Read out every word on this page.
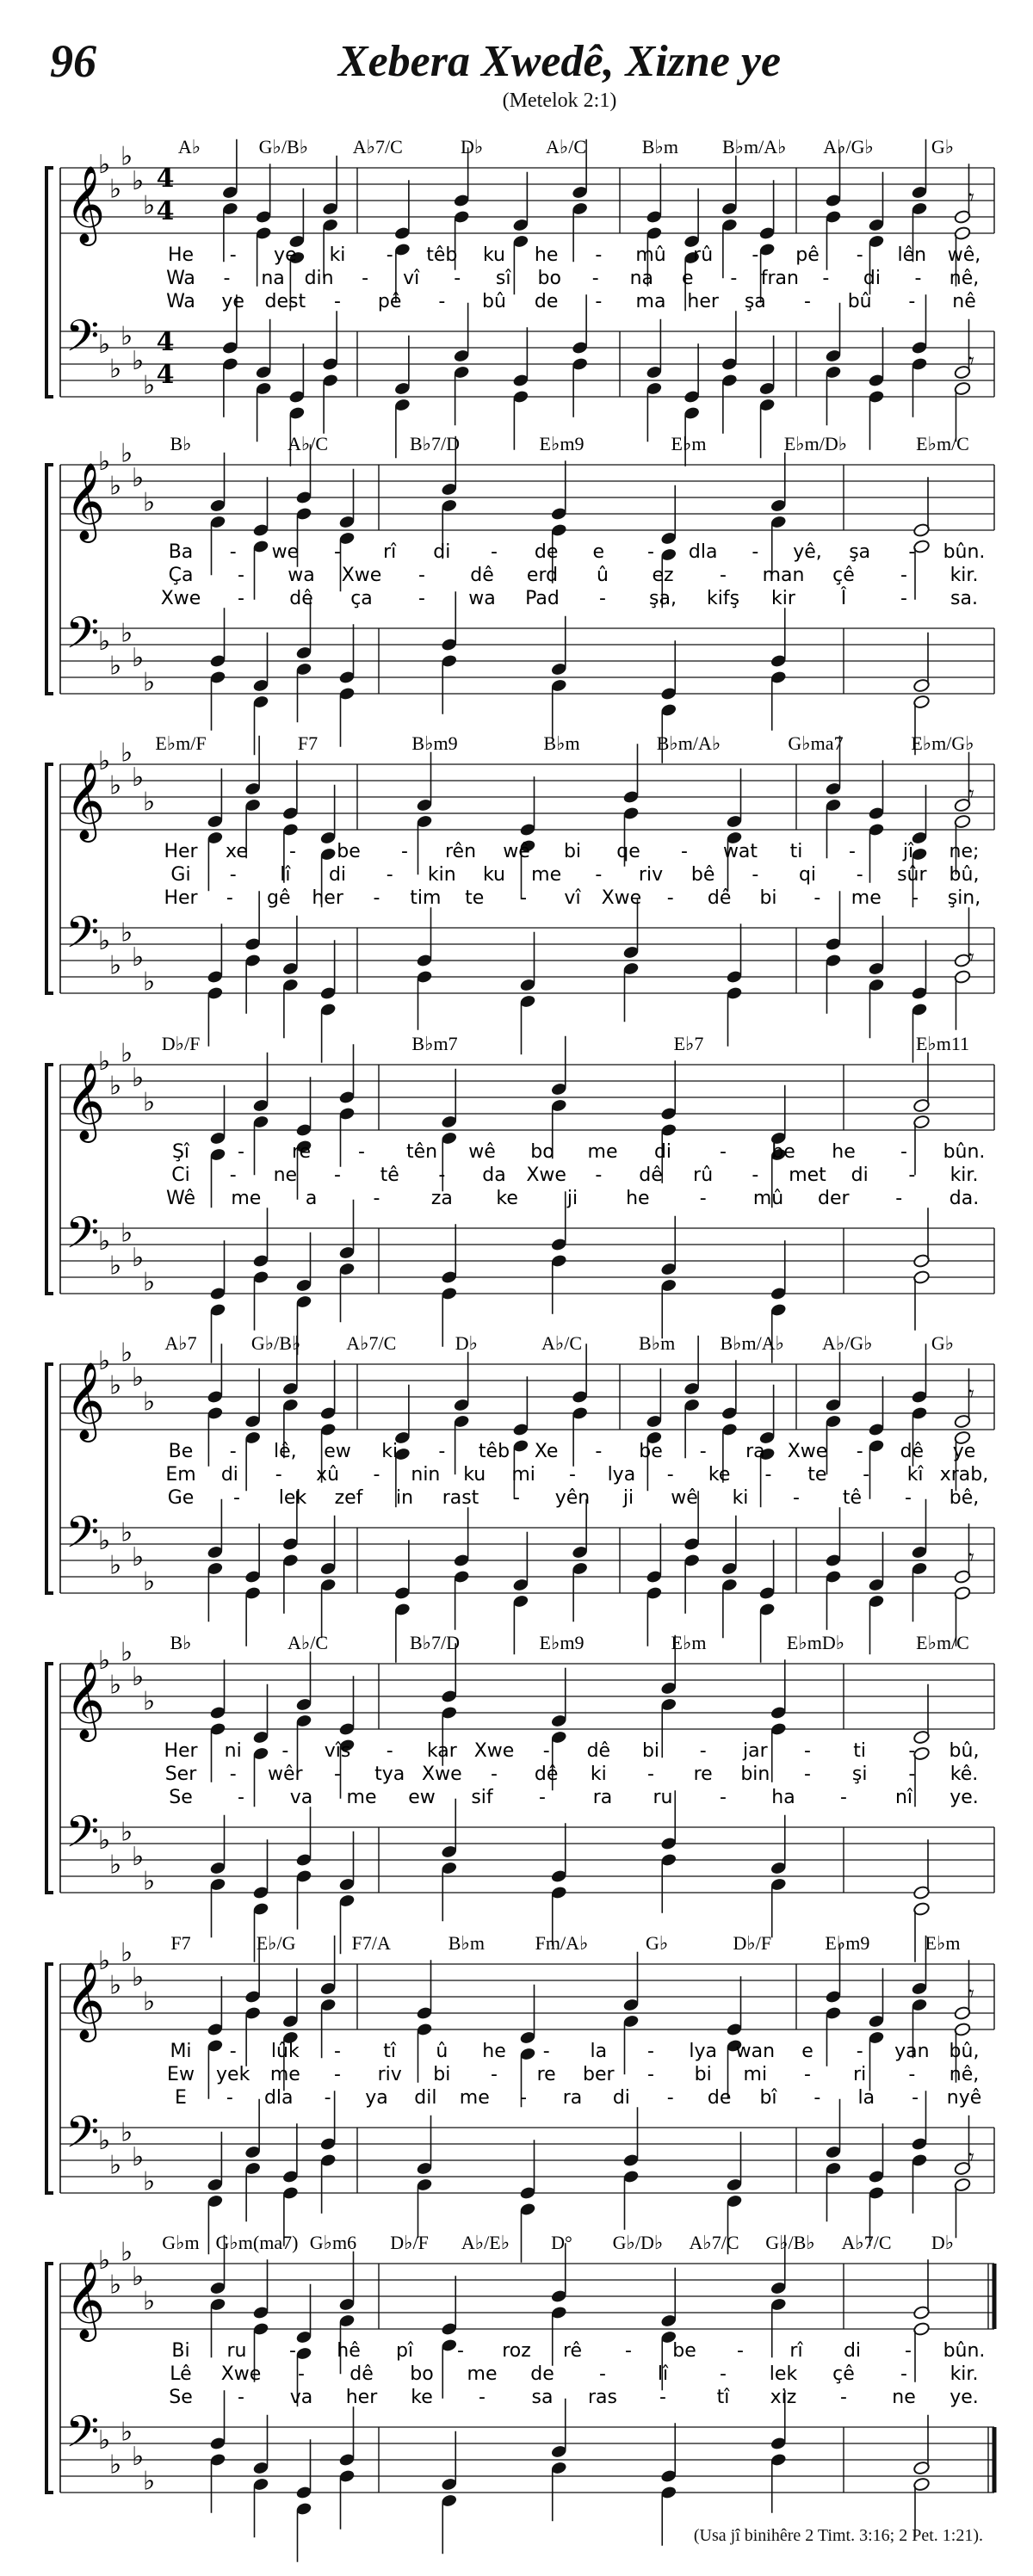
96	Xebera Xwedê, Xizne ye
(Metelok 2:1)
A♭	G♭/B♭ A♭7/C	D♭	A♭/C	B♭m B♭m/A♭ A♭/G♭	G♭
𝄞
♭
♭
♭
♭
♭
4
4
𝄢
♭
♭
♭
♭
♭
4
4
𝄾
𝄾
He - ye ki - têb ku he - mû rû - pê - lên wê,
Wa - na din - vî - sî bo - na e - fran - di - nê,
Wa ye dest - pê - bû de - ma her şa - bû - nê
B♭	A♭/C	B♭7/D	E♭m9	E♭m	E♭m/D♭	E♭m/C
𝄞
♭
♭
♭
♭
♭
𝄢
♭
♭
♭
♭
♭
Ba - we - rî di - de e - dla - yê, şa - bûn.
Ça - wa Xwe - dê erd û ez - man çê - kir.
Xwe - dê ça - wa Pad - şa, kifş kir Î	- sa.
E♭m/F	F7	B♭m9	B♭m	B♭m/A♭	G♭ma7	E♭m/G♭
𝄞
♭
♭
♭
♭
♭
𝄢
♭
♭
♭
♭
♭
𝄾
𝄾
Her xe - be - rên wê bi qe - wat ti - jî ne;
Gi - lî di - kin ku me - riv bê - qi - sûr bû,
Her - gê her - tim te - vî Xwe - dê bi - me - şin,
D♭/F	B♭m7	E♭7	E♭m11
𝄞
♭
♭
♭
♭
♭
𝄢
♭
♭
♭
♭
♭
Şî	- re - tên wê bo me di	- be he - bûn.
Ci - ne - tê - da Xwe - dê rû - met di - kir.
Wê me a	-	za ke	ji	he	- mû der - da.
A♭7	G♭/B♭ A♭7/C	D♭	A♭/C	B♭m B♭m/A♭ A♭/G♭	G♭
𝄞
♭
♭
♭
♭
♭
𝄢
♭
♭
♭
♭
♭
𝄾
𝄾
Be - lê, ew ki - têb Xe - be - ra Xwe - dê ye
Em di - xû - nin ku mi - lya - ke - te - kî xrab,
Ge - lek zef in rast - yên ji wê ki - tê - bê,
B♭	A♭/C	B♭7/D	E♭m9	E♭m	E♭mD♭	E♭m/C
𝄞
♭
♭
♭
♭
♭
𝄢
♭
♭
♭
♭
♭
Her ni - vîs - kar Xwe - dê bi - jar - ti - bû,
Ser - wêr - tya Xwe - dê ki - re bin - şi - kê.
Se - va me ew sif - ra ru - ha -	nî ye.
F7	E♭/G	F7/A	B♭m	Fm/A♭	G♭	D♭/F	E♭m9	E♭m
𝄞
♭
♭
♭
♭
♭
𝄢
♭
♭
♭
♭
♭
𝄾
𝄾
Mi - lûk - tî û he - la - lya wan e - yan bû,
Ew yek me - riv bi - re ber - bi mi - ri - nê,
E - dla - ya dil me - ra di - de bî - la - nyê
G♭m G♭m(ma7) G♭m6 D♭/F A♭/E♭ D° G♭/D♭ A♭7/C G♭/B♭ A♭7/C D♭
𝄞
♭
♭
♭
♭
♭
𝄢
♭
♭
♭
♭
♭
Bi ru - hê pî - roz rê - be - rî di - bûn.
Lê Xwe - dê bo me de -	lî	- lek çê - kir.
Se - va her ke - sa ras -	tî xiz - ne ye.
(Usa jî binihêre 2 Timt. 3:16; 2 Pet. 1:21).
